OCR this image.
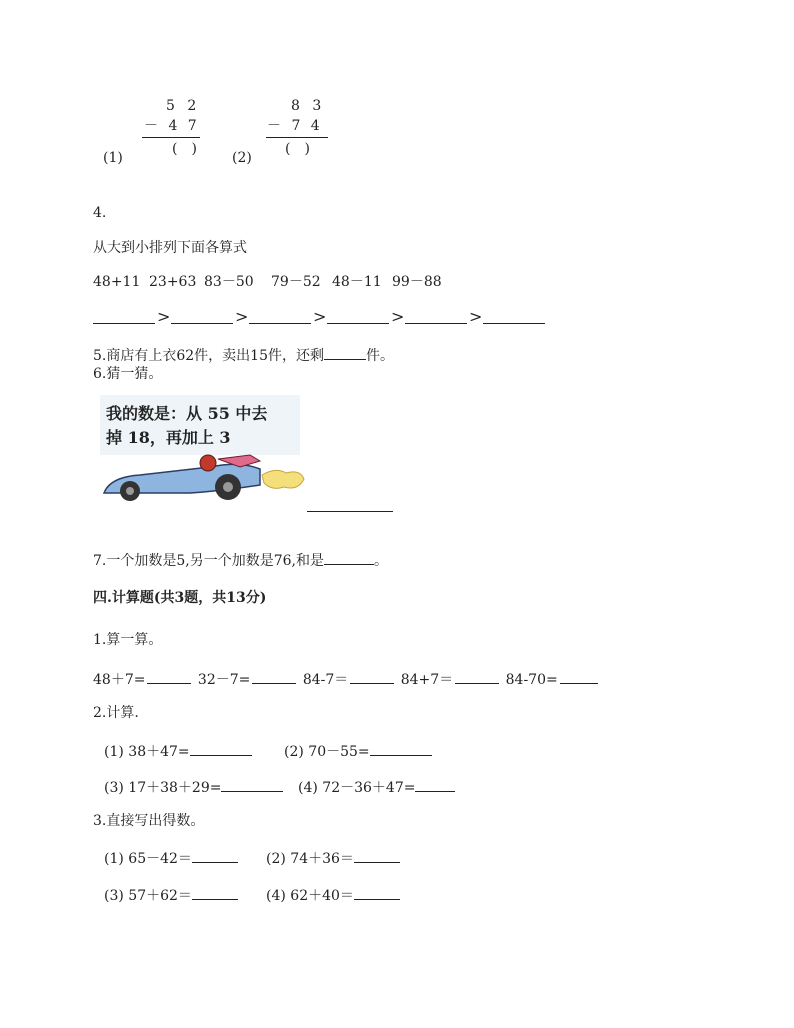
5 2
－ 4 7
(　)
(1)
8 3
－ 7 4
(　)
(2)
4.
从大到小排列下面各算式
48+11 23+63 83－50 79－52 48－11 99－88
>	>	>	>	>
5.商店有上衣62件，卖出15件，还剩	件。
6.猜一猜。
我的数是：从 55 中去
掉 18，再加上 3
7.一个加数是5,另一个加数是76,和是	。
四.计算题(共3题，共13分)
1.算一算。
48＋7=	32－7=	84-7＝	84+7＝	84-70=
2.计算.
(1) 38＋47=	(2) 70－55=
(3) 17＋38＋29=	(4) 72－36＋47=
3.直接写出得数。
(1) 65－42＝	(2) 74＋36＝
(3) 57＋62＝	(4) 62＋40＝
